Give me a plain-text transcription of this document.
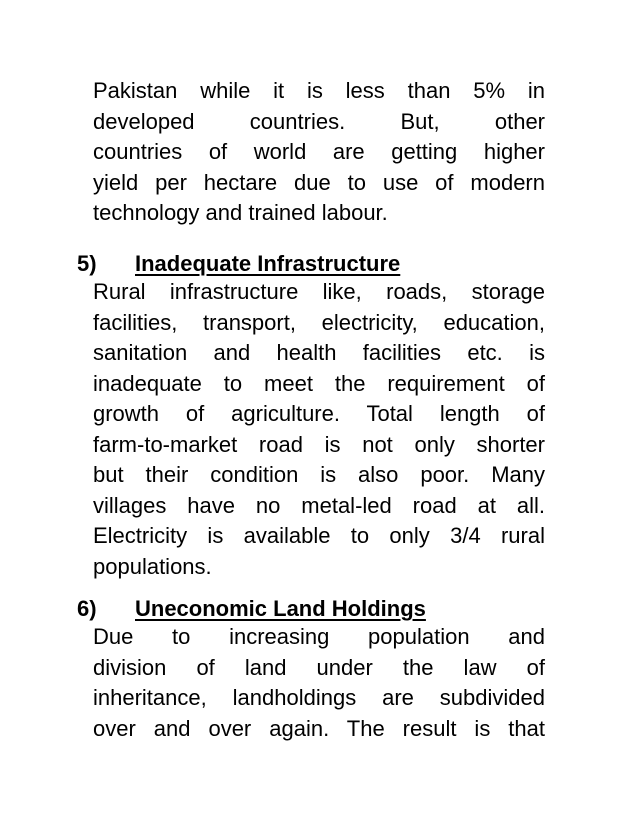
Pakistan while it is less than 5% in
developed countries. But, other
countries of world are getting higher
yield per hectare due to use of modern
technology and trained labour.
5) Inadequate Infrastructure
Rural infrastructure like, roads, storage
facilities, transport, electricity, education,
sanitation and health facilities etc. is
inadequate to meet the requirement of
growth of agriculture. Total length of
farm-to-market road is not only shorter
but their condition is also poor. Many
villages have no metal-led road at all.
Electricity is available to only 3/4 rural
populations.
6) Uneconomic Land Holdings
Due to increasing population and
division of land under the law of
inheritance, landholdings are subdivided
over and over again. The result is that
